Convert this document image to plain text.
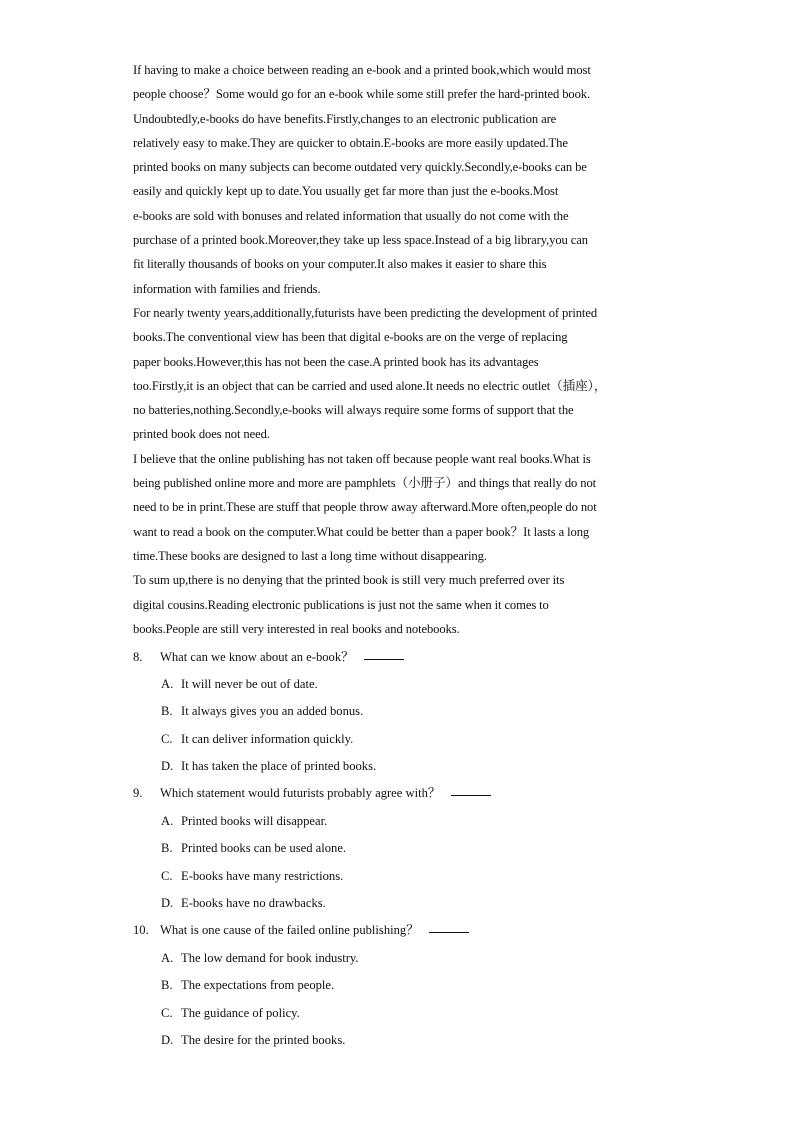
If having to make a choice between reading an e-book and a printed book,which would most
people choose？Some would go for an e-book while some still prefer the hard-printed book.
Undoubtedly,e-books do have benefits.Firstly,changes to an electronic publication are
relatively easy to make.They are quicker to obtain.E-books are more easily updated.The
printed books on many subjects can become outdated very quickly.Secondly,e-books can be
easily and quickly kept up to date.You usually get far more than just the e-books.Most
e-books are sold with bonuses and related information that usually do not come with the
purchase of a printed book.Moreover,they take up less space.Instead of a big library,you can
fit literally thousands of books on your computer.It also makes it easier to share this
information with families and friends.
For nearly twenty years,additionally,futurists have been predicting the development of printed
books.The conventional view has been that digital e-books are on the verge of replacing
paper books.However,this has not been the case.A printed book has its advantages
too.Firstly,it is an object that can be carried and used alone.It needs no electric outlet（插座），
no batteries,nothing.Secondly,e-books will always require some forms of support that the
printed book does not need.
I believe that the online publishing has not taken off because people want real books.What is
being published online more and more are pamphlets（小册子）and things that really do not
need to be in print.These are stuff that people throw away afterward.More often,people do not
want to read a book on the computer.What could be better than a paper book？It lasts a long
time.These books are designed to last a long time without disappearing.
To sum up,there is no denying that the printed book is still very much preferred over its
digital cousins.Reading electronic publications is just not the same when it comes to
books.People are still very interested in real books and notebooks.
8.	What can we know about an e-book？
A. It will never be out of date.
B. It always gives you an added bonus.
C. It can deliver information quickly.
D. It has taken the place of printed books.
9.	Which statement would futurists probably agree with？
A. Printed books will disappear.
B. Printed books can be used alone.
C. E-books have many restrictions.
D. E-books have no drawbacks.
10. What is one cause of the failed online publishing？
A. The low demand for book industry.
B. The expectations from people.
C. The guidance of policy.
D. The desire for the printed books.
